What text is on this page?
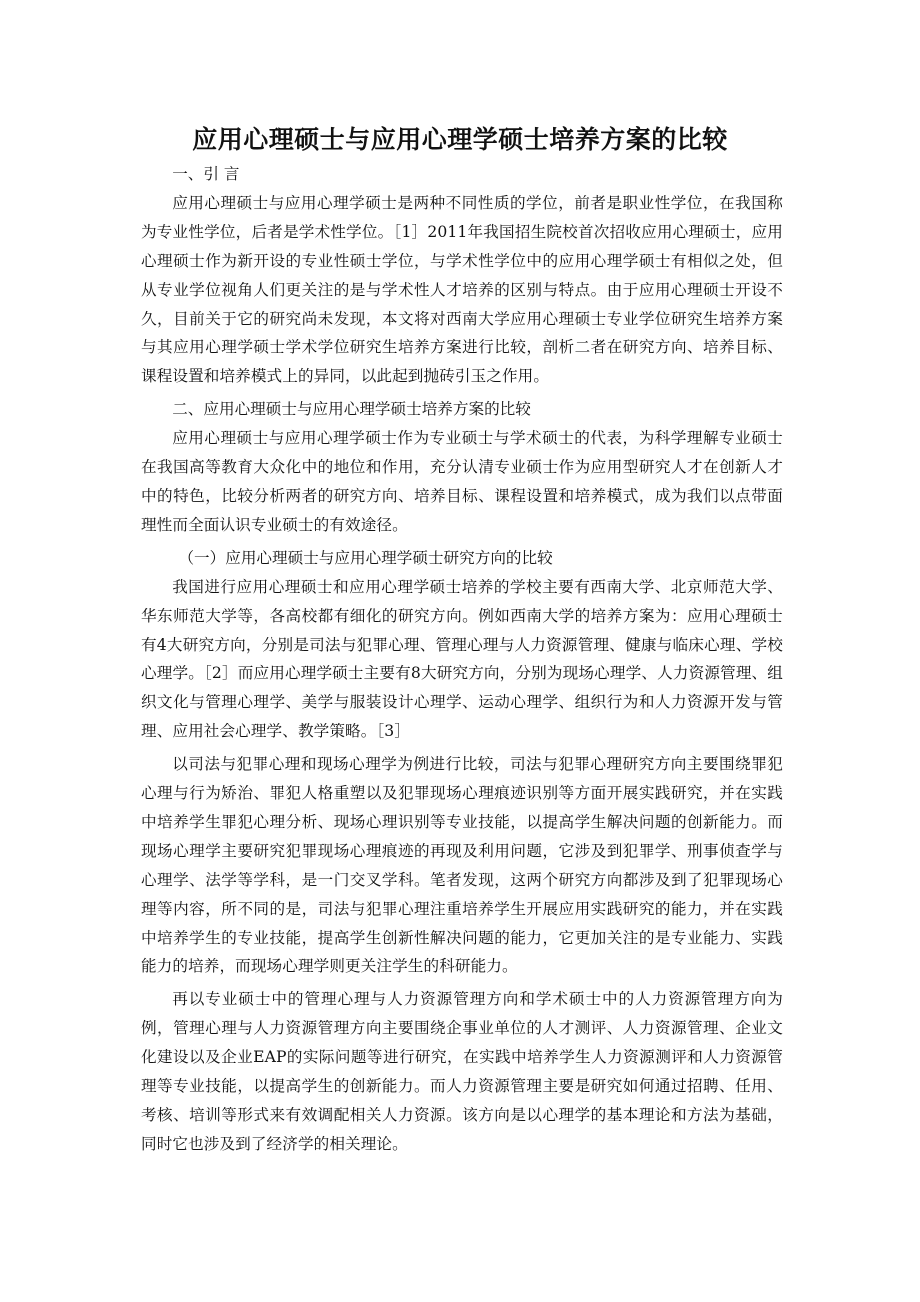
应用心理硕士与应用心理学硕士培养方案的比较

一、引 言

应用心理硕士与应用心理学硕士是两种不同性质的学位，前者是职业性学位，在我国称为专业性学位，后者是学术性学位。［1］2011年我国招生院校首次招收应用心理硕士，应用心理硕士作为新开设的专业性硕士学位，与学术性学位中的应用心理学硕士有相似之处，但从专业学位视角人们更关注的是与学术性人才培养的区别与特点。由于应用心理硕士开设不久，目前关于它的研究尚未发现，本文将对西南大学应用心理硕士专业学位研究生培养方案与其应用心理学硕士学术学位研究生培养方案进行比较，剖析二者在研究方向、培养目标、课程设置和培养模式上的异同，以此起到抛砖引玉之作用。

二、应用心理硕士与应用心理学硕士培养方案的比较

应用心理硕士与应用心理学硕士作为专业硕士与学术硕士的代表，为科学理解专业硕士在我国高等教育大众化中的地位和作用，充分认清专业硕士作为应用型研究人才在创新人才中的特色，比较分析两者的研究方向、培养目标、课程设置和培养模式，成为我们以点带面理性而全面认识专业硕士的有效途径。

（一）应用心理硕士与应用心理学硕士研究方向的比较

我国进行应用心理硕士和应用心理学硕士培养的学校主要有西南大学、北京师范大学、华东师范大学等，各高校都有细化的研究方向。例如西南大学的培养方案为：应用心理硕士有4大研究方向，分别是司法与犯罪心理、管理心理与人力资源管理、健康与临床心理、学校心理学。［2］而应用心理学硕士主要有8大研究方向，分别为现场心理学、人力资源管理、组织文化与管理心理学、美学与服装设计心理学、运动心理学、组织行为和人力资源开发与管理、应用社会心理学、教学策略。［3］

以司法与犯罪心理和现场心理学为例进行比较，司法与犯罪心理研究方向主要围绕罪犯心理与行为矫治、罪犯人格重塑以及犯罪现场心理痕迹识别等方面开展实践研究，并在实践中培养学生罪犯心理分析、现场心理识别等专业技能，以提高学生解决问题的创新能力。而现场心理学主要研究犯罪现场心理痕迹的再现及利用问题，它涉及到犯罪学、刑事侦查学与心理学、法学等学科，是一门交叉学科。笔者发现，这两个研究方向都涉及到了犯罪现场心理等内容，所不同的是，司法与犯罪心理注重培养学生开展应用实践研究的能力，并在实践中培养学生的专业技能，提高学生创新性解决问题的能力，它更加关注的是专业能力、实践能力的培养，而现场心理学则更关注学生的科研能力。

再以专业硕士中的管理心理与人力资源管理方向和学术硕士中的人力资源管理方向为例，管理心理与人力资源管理方向主要围绕企事业单位的人才测评、人力资源管理、企业文化建设以及企业EAP的实际问题等进行研究，在实践中培养学生人力资源测评和人力资源管理等专业技能，以提高学生的创新能力。而人力资源管理主要是研究如何通过招聘、任用、考核、培训等形式来有效调配相关人力资源。该方向是以心理学的基本理论和方法为基础，同时它也涉及到了经济学的相关理论。
